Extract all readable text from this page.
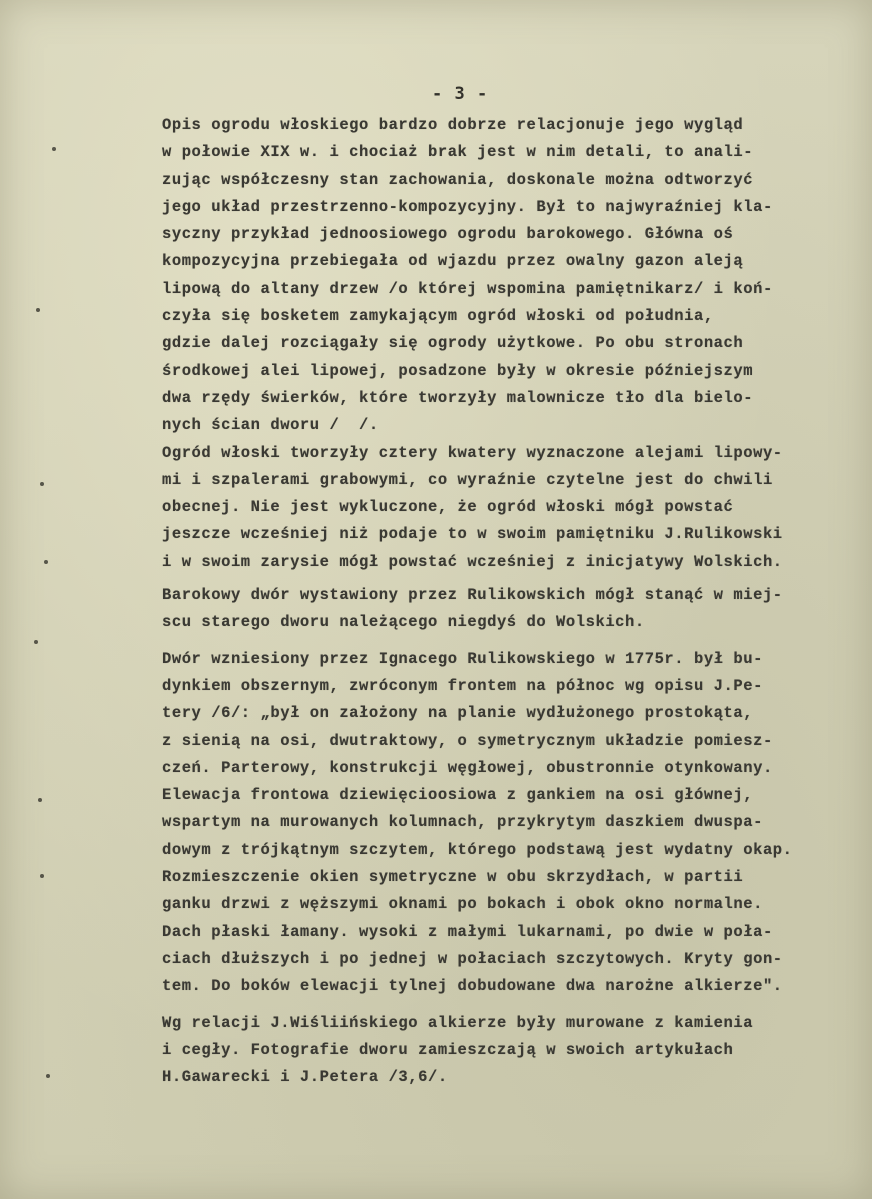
- 3 -
Opis ogrodu włoskiego bardzo dobrze relacjonuje jego wygląd
w połowie XIX w. i chociaż brak jest w nim detali, to anali-
zując współczesny stan zachowania, doskonale można odtworzyć
jego układ przestrzenno-kompozycyjny. Był to najwyraźniej kla-
syczny przykład jednoosiowego ogrodu barokowego. Główna oś
kompozycyjna przebiegała od wjazdu przez owalny gazon aleją
lipową do altany drzew /o której wspomina pamiętnikarz/ i koń-
czyła się bosketem zamykającym ogród włoski od południa,
gdzie dalej rozciągały się ogrody użytkowe. Po obu stronach
środkowej alei lipowej, posadzone były w okresie późniejszym
dwa rzędy świerków, które tworzyły malownicze tło dla bielo-
nych ścian dworu /  /.
Ogród włoski tworzyły cztery kwatery wyznaczone alejami lipowy-
mi i szpalerami grabowymi, co wyraźnie czytelne jest do chwili
obecnej. Nie jest wykluczone, że ogród włoski mógł powstać
jeszcze wcześniej niż podaje to w swoim pamiętniku J.Rulikowski
i w swoim zarysie mógł powstać wcześniej z inicjatywy Wolskich.
Barokowy dwór wystawiony przez Rulikowskich mógł stanąć w miej-
scu starego dworu należącego niegdyś do Wolskich.
Dwór wzniesiony przez Ignacego Rulikowskiego w 1775r. był bu-
dynkiem obszernym, zwróconym frontem na północ wg opisu J.Pe-
tery /6/: „był on założony na planie wydłużonego prostokąta,
z sienią na osi, dwutraktowy, o symetrycznym układzie pomiesz-
czeń. Parterowy, konstrukcji węgłowej, obustronnie otynkowany.
Elewacja frontowa dziewięcioosiowa z gankiem na osi głównej,
wspartym na murowanych kolumnach, przykrytym daszkiem dwuspa-
dowym z trójkątnym szczytem, którego podstawą jest wydatny okap.
Rozmieszczenie okien symetryczne w obu skrzydłach, w partii
ganku drzwi z węższymi oknami po bokach i obok okno normalne.
Dach płaski łamany. wysoki z małymi lukarnami, po dwie w poła-
ciach dłuższych i po jednej w połaciach szczytowych. Kryty gon-
tem. Do boków elewacji tylnej dobudowane dwa narożne alkierze".
Wg relacji J.Wiśliińskiego alkierze były murowane z kamienia
i cegły. Fotografie dworu zamieszczają w swoich artykułach
H.Gawarecki i J.Petera /3,6/.
